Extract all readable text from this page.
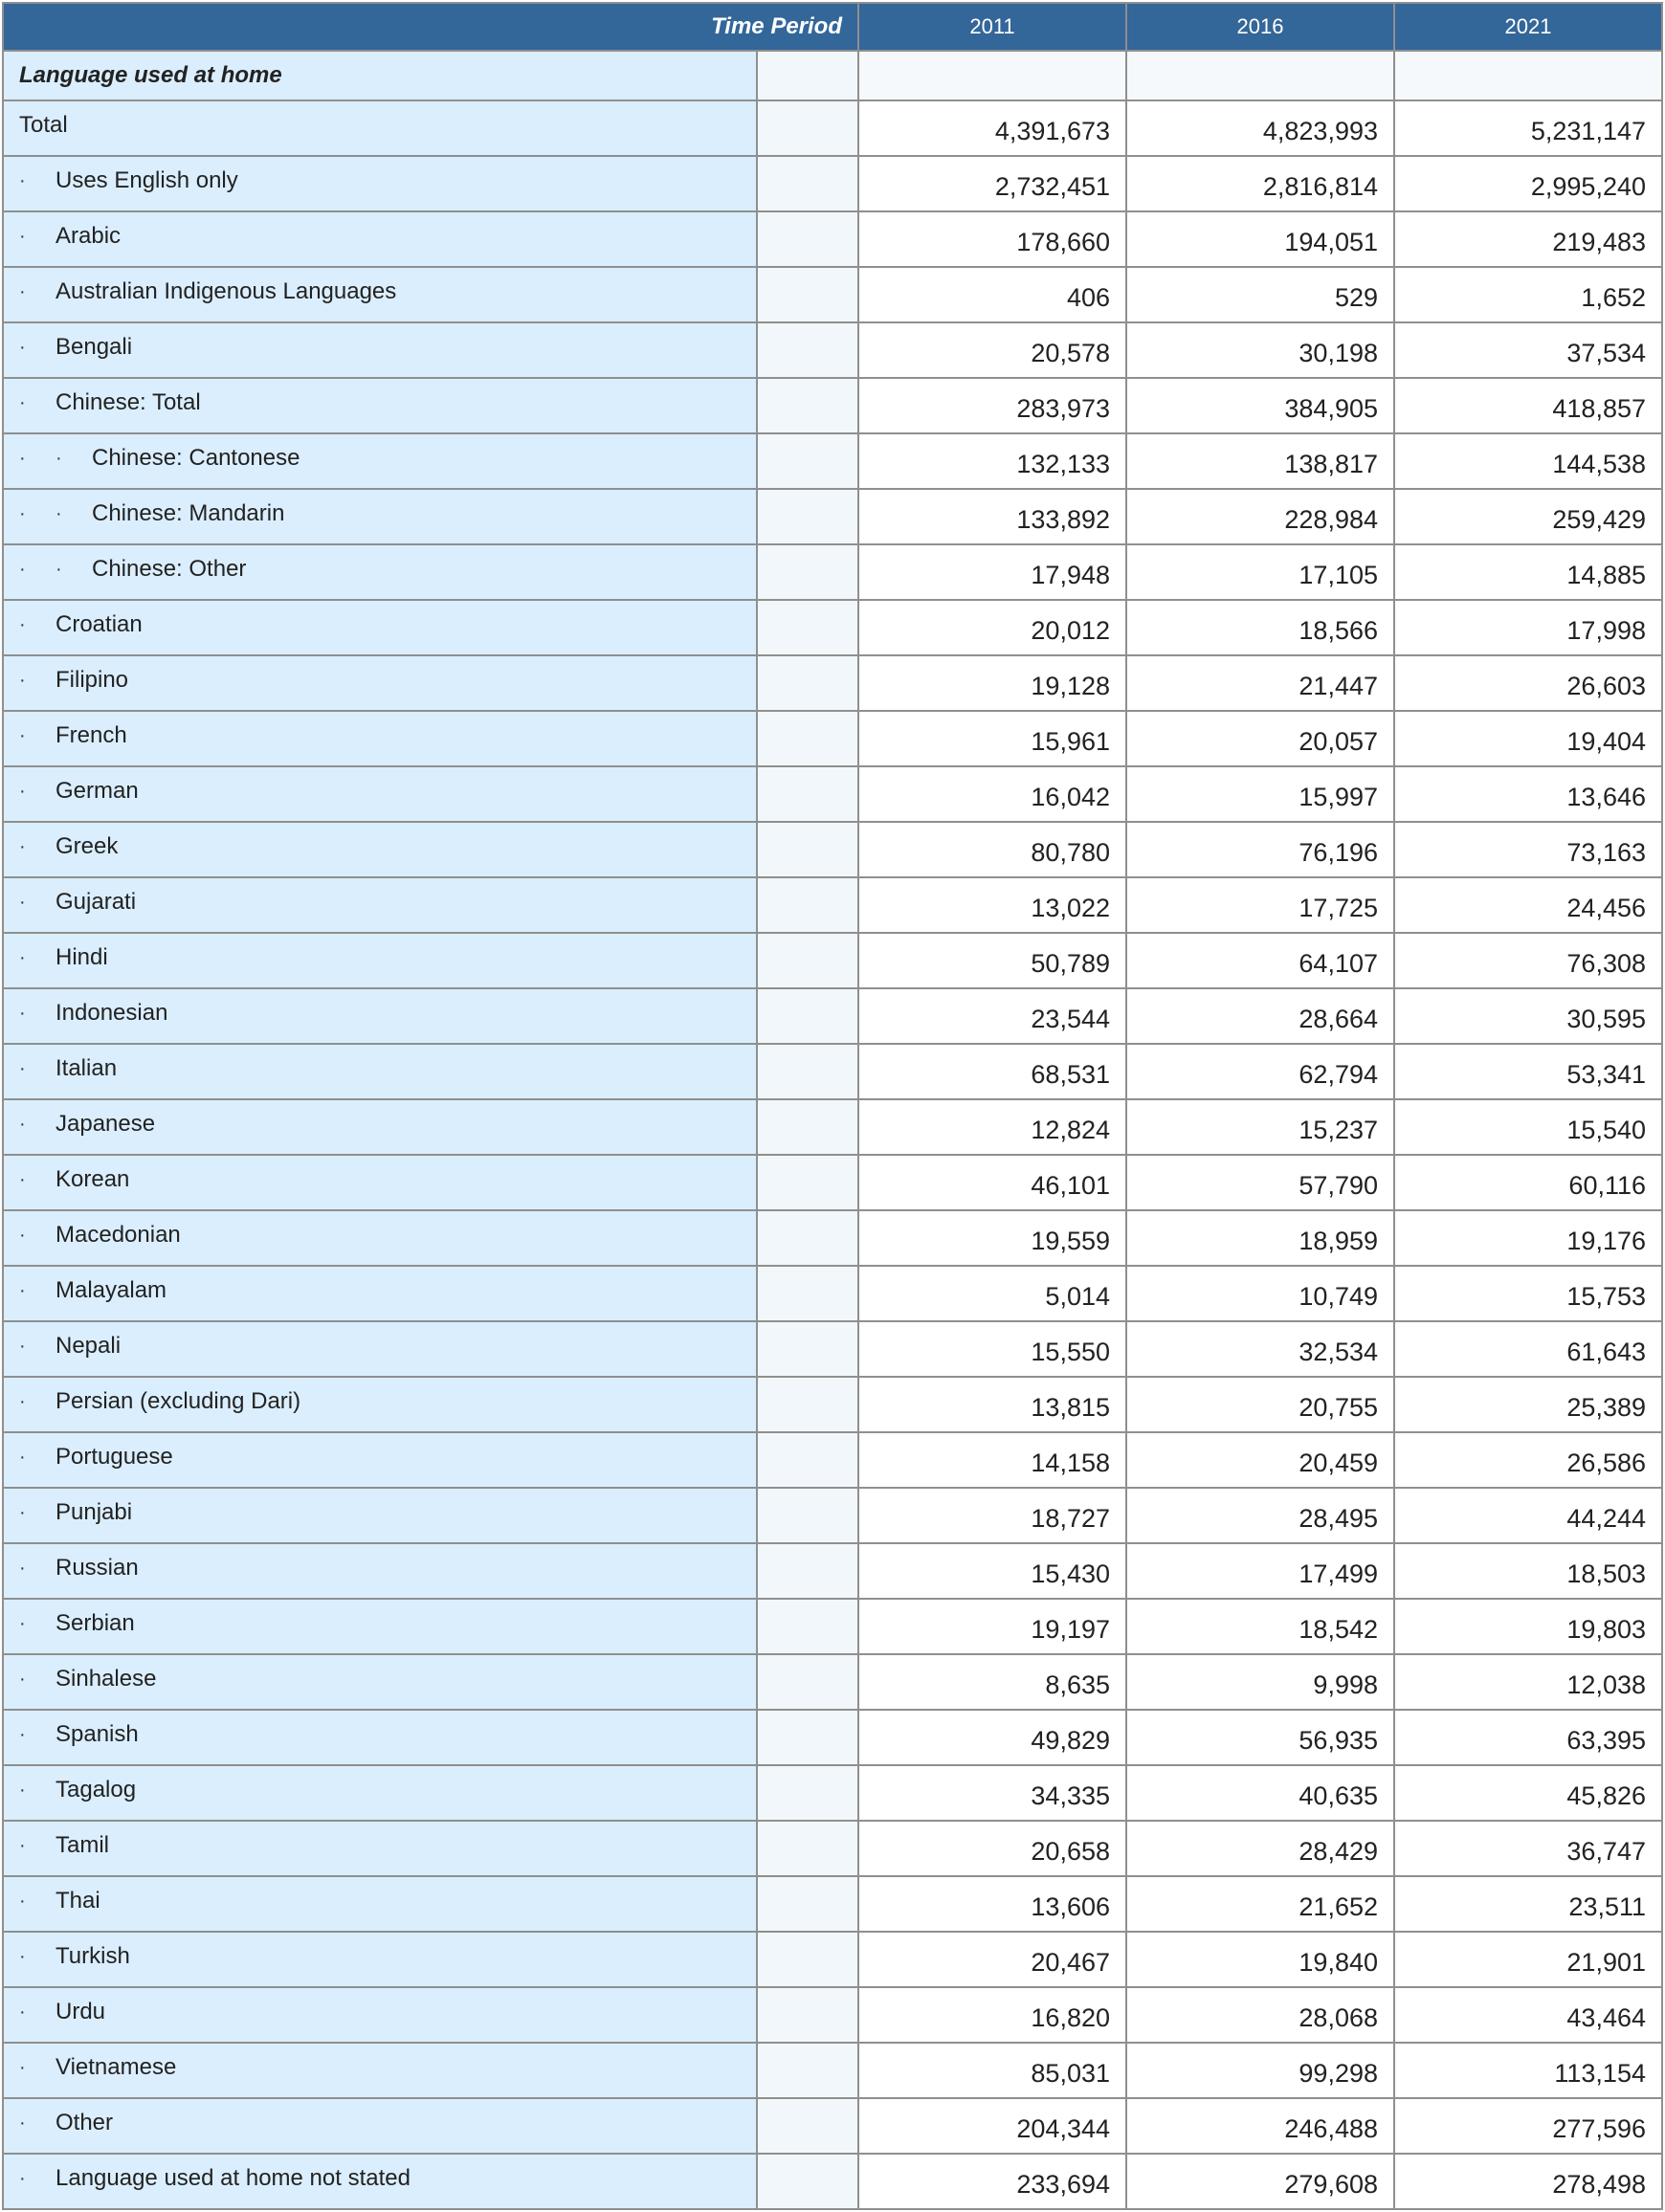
Time Period		2011	2016	2021
Language used at home				

Total		4,391,673	4,823,993	5,231,147

· Uses English only		2,732,451	2,816,814	2,995,240

· Arabic		178,660	194,051	219,483

· Australian Indigenous Languages		406	529	1,652

· Bengali		20,578	30,198	37,534

· Chinese: Total		283,973	384,905	418,857

· · Chinese: Cantonese		132,133	138,817	144,538

· · Chinese: Mandarin		133,892	228,984	259,429

· · Chinese: Other		17,948	17,105	14,885

· Croatian		20,012	18,566	17,998

· Filipino		19,128	21,447	26,603

· French		15,961	20,057	19,404

· German		16,042	15,997	13,646

· Greek		80,780	76,196	73,163

· Gujarati		13,022	17,725	24,456

· Hindi		50,789	64,107	76,308

· Indonesian		23,544	28,664	30,595

· Italian		68,531	62,794	53,341

· Japanese		12,824	15,237	15,540

· Korean		46,101	57,790	60,116

· Macedonian		19,559	18,959	19,176

· Malayalam		5,014	10,749	15,753

· Nepali		15,550	32,534	61,643

· Persian (excluding Dari)		13,815	20,755	25,389

· Portuguese		14,158	20,459	26,586

· Punjabi		18,727	28,495	44,244

· Russian		15,430	17,499	18,503

· Serbian		19,197	18,542	19,803

· Sinhalese		8,635	9,998	12,038

· Spanish		49,829	56,935	63,395

· Tagalog		34,335	40,635	45,826

· Tamil		20,658	28,429	36,747

· Thai		13,606	21,652	23,511

· Turkish		20,467	19,840	21,901

· Urdu		16,820	28,068	43,464

· Vietnamese		85,031	99,298	113,154

· Other		204,344	246,488	277,596

· Language used at home not stated		233,694	279,608	278,498
